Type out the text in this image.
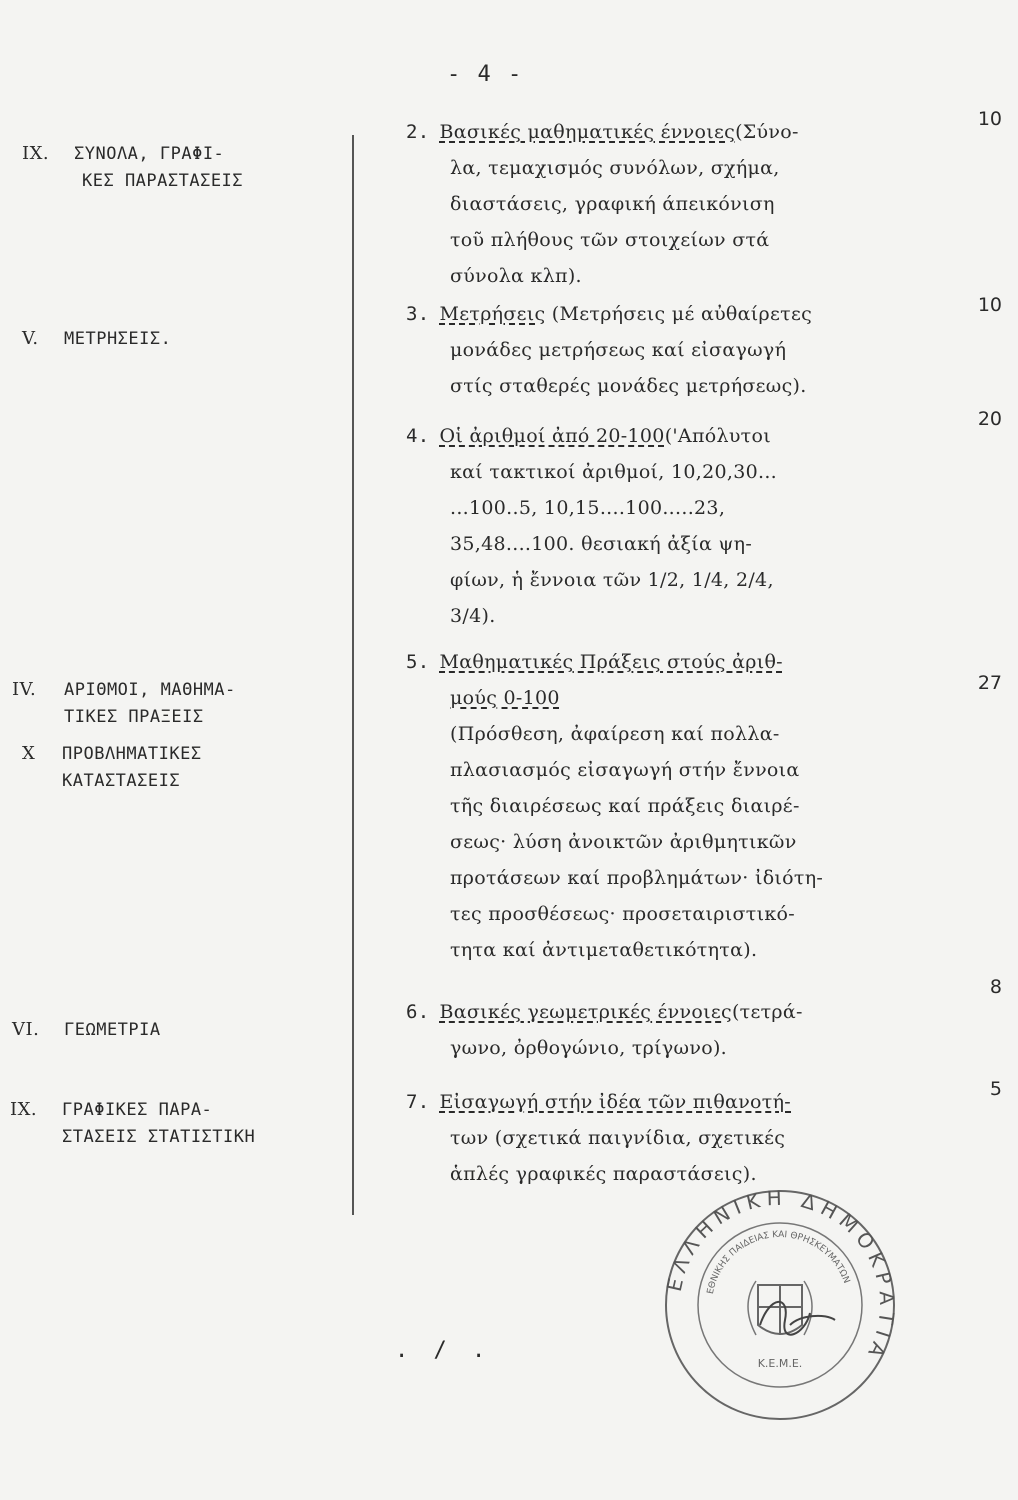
- 4 -
IX. ΣΥΝΟΛΑ, ΓΡΑΦΙ-
ΚΕΣ ΠΑΡΑΣΤΑΣΕΙΣ
V. ΜΕΤΡΗΣΕΙΣ.
IV. ΑΡΙΘΜΟΙ, ΜΑΘΗΜΑ-
ΤΙΚΕΣ ΠΡΑΞΕΙΣ
X ΠΡΟΒΛΗΜΑΤΙΚΕΣ
ΚΑΤΑΣΤΑΣΕΙΣ
VI. ΓΕΩΜΕΤΡΙΑ
IX. ΓΡΑΦΙΚΕΣ ΠΑΡΑ-
ΣΤΑΣΕΙΣ ΣΤΑΤΙΣΤΙΚΗ
2. Βασικές μαθηματικές έννοιες(Σύνο-
λα, τεμαχισμός συνόλων, σχήμα,
διαστάσεις, γραφική άπεικόνιση
τοῦ πλήθους τῶν στοιχείων στά
σύνολα κλπ).
10
3. Μετρήσεις (Μετρήσεις μέ αὐθαίρετες
μονάδες μετρήσεως καί εἰσαγωγή
στίς σταθερές μονάδες μετρήσεως).
10
4. Οἱ ἀριθμοί ἀπό 20-100('Απόλυτοι
καί τακτικοί ἀριθμοί, 10,20,30...
...100..5, 10,15....100.....23,
35,48....100. θεσιακή ἀξία ψη-
φίων, ἡ ἔννοια τῶν 1/2, 1/4, 2/4,
3/4).
20
5. Μαθηματικές Πράξεις στούς ἀριθ-
μούς 0-100
(Πρόσθεση, ἀφαίρεση καί πολλα-
πλασιασμός εἰσαγωγή στήν ἔννοια
τῆς διαιρέσεως καί πράξεις διαιρέ-
σεως· λύση ἀνοικτῶν ἀριθμητικῶν
προτάσεων καί προβλημάτων· ἰδιότη-
τες προσθέσεως· προσεταιριστικό-
τητα καί ἀντιμεταθετικότητα).
27
6. Βασικές γεωμετρικές έννοιες(τετρά-
γωνο, ὀρθογώνιο, τρίγωνο).
8
7. Εἰσαγωγή στήν ἰδέα τῶν πιθανοτή-
των (σχετικά παιγνίδια, σχετικές
ἁπλές γραφικές παραστάσεις).
5
. / .
ΕΛΛΗΝΙΚΗ ΔΗΜΟΚΡΑΤΙΑ
ΕΘΝΙΚΗΣ ΠΑΙΔΕΙΑΣ ΚΑΙ ΘΡΗΣΚΕΥΜΑΤΩΝ
Κ.Ε.Μ.Ε.
